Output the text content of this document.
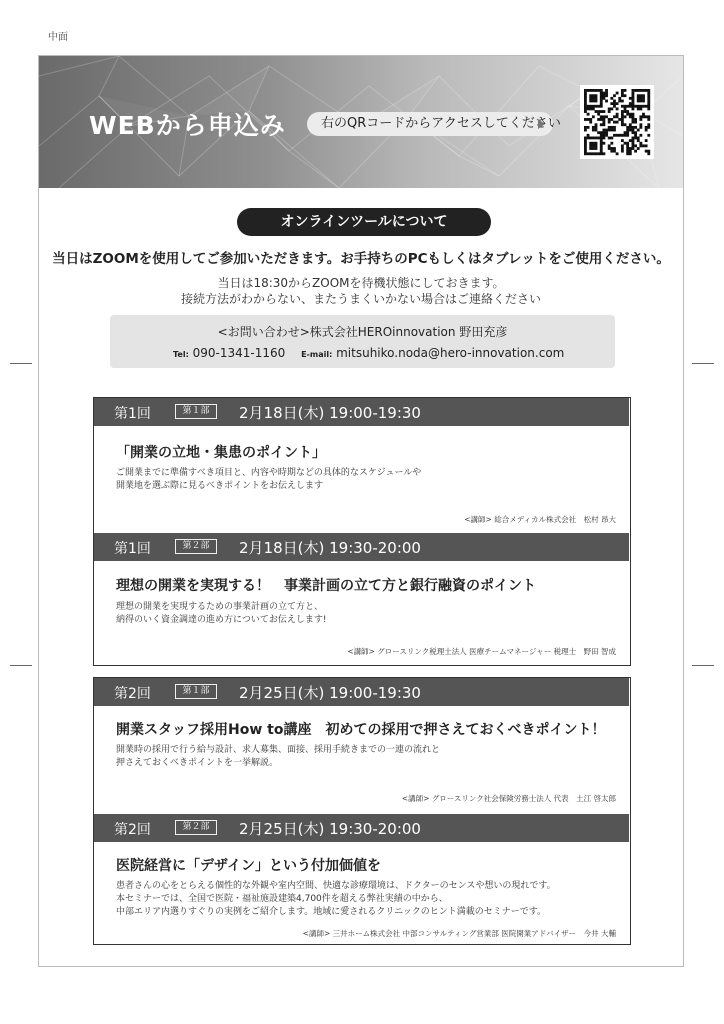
中面
WEBから申込み	右のQRコードからアクセスしてください
オンラインツールについて
当日はZOOMを使用してご参加いただきます。お手持ちのPCもしくはタブレットをご使用ください。
当日は18:30からZOOMを待機状態にしておきます。
接続方法がわからない、またうまくいかない場合はご連絡ください
<お問い合わせ>株式会社HEROinnovation 野田充彦
Tel: 090-1341-1160 E-mail: mitsuhiko.noda@hero-innovation.com
第1回	第１部	2月18日(木) 19:00-19:30
「開業の立地・集患のポイント」
ご開業までに準備すべき項目と、内容や時期などの具体的なスケジュールや
開業地を選ぶ際に見るべきポイントをお伝えします
<講師> 総合メディカル株式会社　松村 昂大
第1回	第２部	2月18日(木) 19:30-20:00
理想の開業を実現する！　事業計画の立て方と銀行融資のポイント
理想の開業を実現するための事業計画の立て方と、
納得のいく資金調達の進め方についてお伝えします!
<講師> グロースリンク税理士法人 医療チームマネージャー 税理士　野田 智成
第2回	第１部	2月25日(木) 19:00-19:30
開業スタッフ採用How to講座　初めての採用で押さえておくべきポイント！
開業時の採用で行う給与設計、求人募集、面接、採用手続きまでの一連の流れと
押さえておくべきポイントを一挙解説。
<講師> グロースリンク社会保険労務士法人 代表　土江 啓太郎
第2回	第２部	2月25日(木) 19:30-20:00
医院経営に「デザイン」という付加価値を
患者さんの心をとらえる個性的な外観や室内空間、快適な診療環境は、ドクターのセンスや想いの現れです。
本セミナーでは、全国で医院・福祉施設建築4,700件を超える弊社実績の中から、
中部エリア内選りすぐりの実例をご紹介します。地域に愛されるクリニックのヒント満載のセミナーです。
<講師> 三井ホーム株式会社 中部コンサルティング営業部 医院開業アドバイザー　今井 大輔
